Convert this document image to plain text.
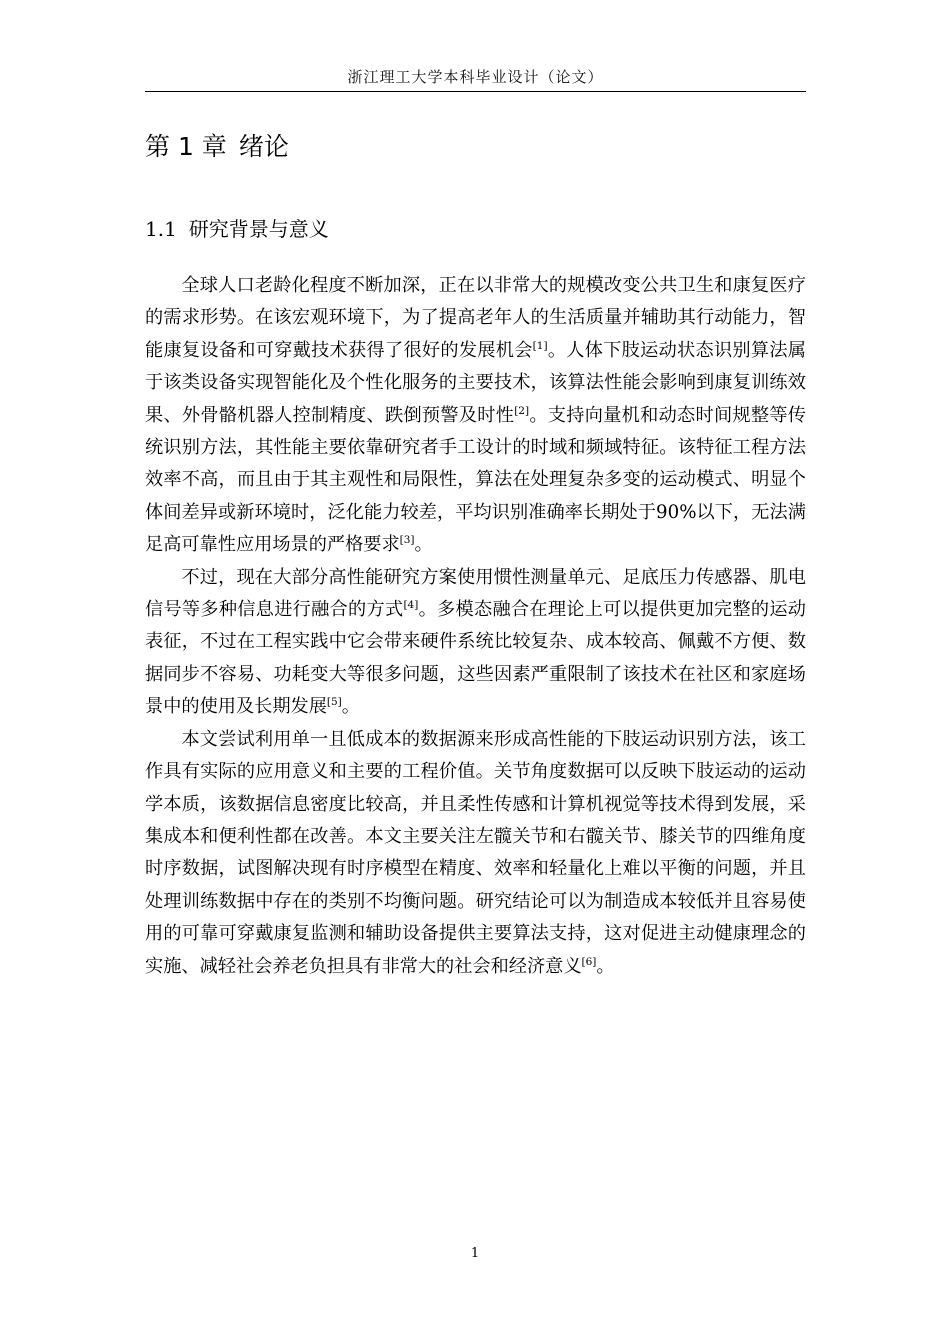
浙江理工大学本科毕业设计（论文）
第 1 章 绪论
1.1 研究背景与意义

全球人口老龄化程度不断加深，正在以非常大的规模改变公共卫生和康复医疗的需求形势。在该宏观环境下，为了提高老年人的生活质量并辅助其行动能力，智能康复设备和可穿戴技术获得了很好的发展机会[1]。人体下肢运动状态识别算法属于该类设备实现智能化及个性化服务的主要技术，该算法性能会影响到康复训练效果、外骨骼机器人控制精度、跌倒预警及时性[2]。支持向量机和动态时间规整等传统识别方法，其性能主要依靠研究者手工设计的时域和频域特征。该特征工程方法效率不高，而且由于其主观性和局限性，算法在处理复杂多变的运动模式、明显个体间差异或新环境时，泛化能力较差，平均识别准确率长期处于90%以下，无法满足高可靠性应用场景的严格要求[3]。

不过，现在大部分高性能研究方案使用惯性测量单元、足底压力传感器、肌电信号等多种信息进行融合的方式[4]。多模态融合在理论上可以提供更加完整的运动表征，不过在工程实践中它会带来硬件系统比较复杂、成本较高、佩戴不方便、数据同步不容易、功耗变大等很多问题，这些因素严重限制了该技术在社区和家庭场景中的使用及长期发展[5]。

本文尝试利用单一且低成本的数据源来形成高性能的下肢运动识别方法，该工作具有实际的应用意义和主要的工程价值。关节角度数据可以反映下肢运动的运动学本质，该数据信息密度比较高，并且柔性传感和计算机视觉等技术得到发展，采集成本和便利性都在改善。本文主要关注左髋关节和右髋关节、膝关节的四维角度时序数据，试图解决现有时序模型在精度、效率和轻量化上难以平衡的问题，并且处理训练数据中存在的类别不均衡问题。研究结论可以为制造成本较低并且容易使用的可靠可穿戴康复监测和辅助设备提供主要算法支持，这对促进主动健康理念的实施、减轻社会养老负担具有非常大的社会和经济意义[6]。

1
